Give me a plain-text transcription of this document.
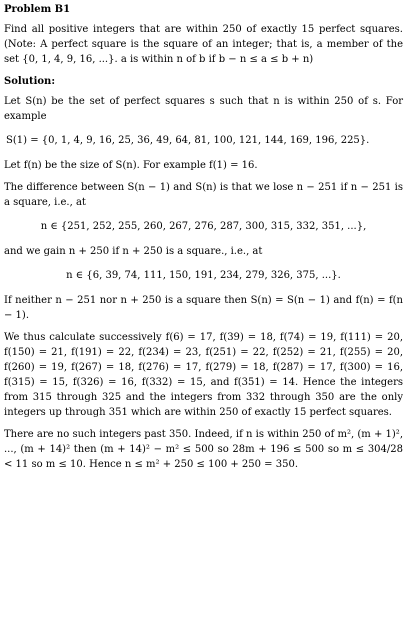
Problem B1

Find all positive integers that are within 250 of exactly 15 perfect squares. (Note: A perfect square is the square of an integer; that is, a member of the set {0, 1, 4, 9, 16, ...}. a is within n of b if b − n ≤ a ≤ b + n)

Solution:

Let S(n) be the set of perfect squares s such that n is within 250 of s. For example

S(1) = {0, 1, 4, 9, 16, 25, 36, 49, 64, 81, 100, 121, 144, 169, 196, 225}.

Let f(n) be the size of S(n). For example f(1) = 16.

The difference between S(n − 1) and S(n) is that we lose n − 251 if n − 251 is a square, i.e., at

n ∈ {251, 252, 255, 260, 267, 276, 287, 300, 315, 332, 351, ...},

and we gain n + 250 if n + 250 is a square., i.e., at

n ∈ {6, 39, 74, 111, 150, 191, 234, 279, 326, 375, ...}.

If neither n − 251 nor n + 250 is a square then S(n) = S(n − 1) and f(n) = f(n − 1).

We thus calculate successively f(6) = 17, f(39) = 18, f(74) = 19, f(111) = 20, f(150) = 21, f(191) = 22, f(234) = 23, f(251) = 22, f(252) = 21, f(255) = 20, f(260) = 19, f(267) = 18, f(276) = 17, f(279) = 18, f(287) = 17, f(300) = 16, f(315) = 15, f(326) = 16, f(332) = 15, and f(351) = 14. Hence the integers from 315 through 325 and the integers from 332 through 350 are the only integers up through 351 which are within 250 of exactly 15 perfect squares.

There are no such integers past 350. Indeed, if n is within 250 of m², (m + 1)², ..., (m + 14)² then (m + 14)² − m² ≤ 500 so 28m + 196 ≤ 500 so m ≤ 304/28 < 11 so m ≤ 10. Hence n ≤ m² + 250 ≤ 100 + 250 = 350.
